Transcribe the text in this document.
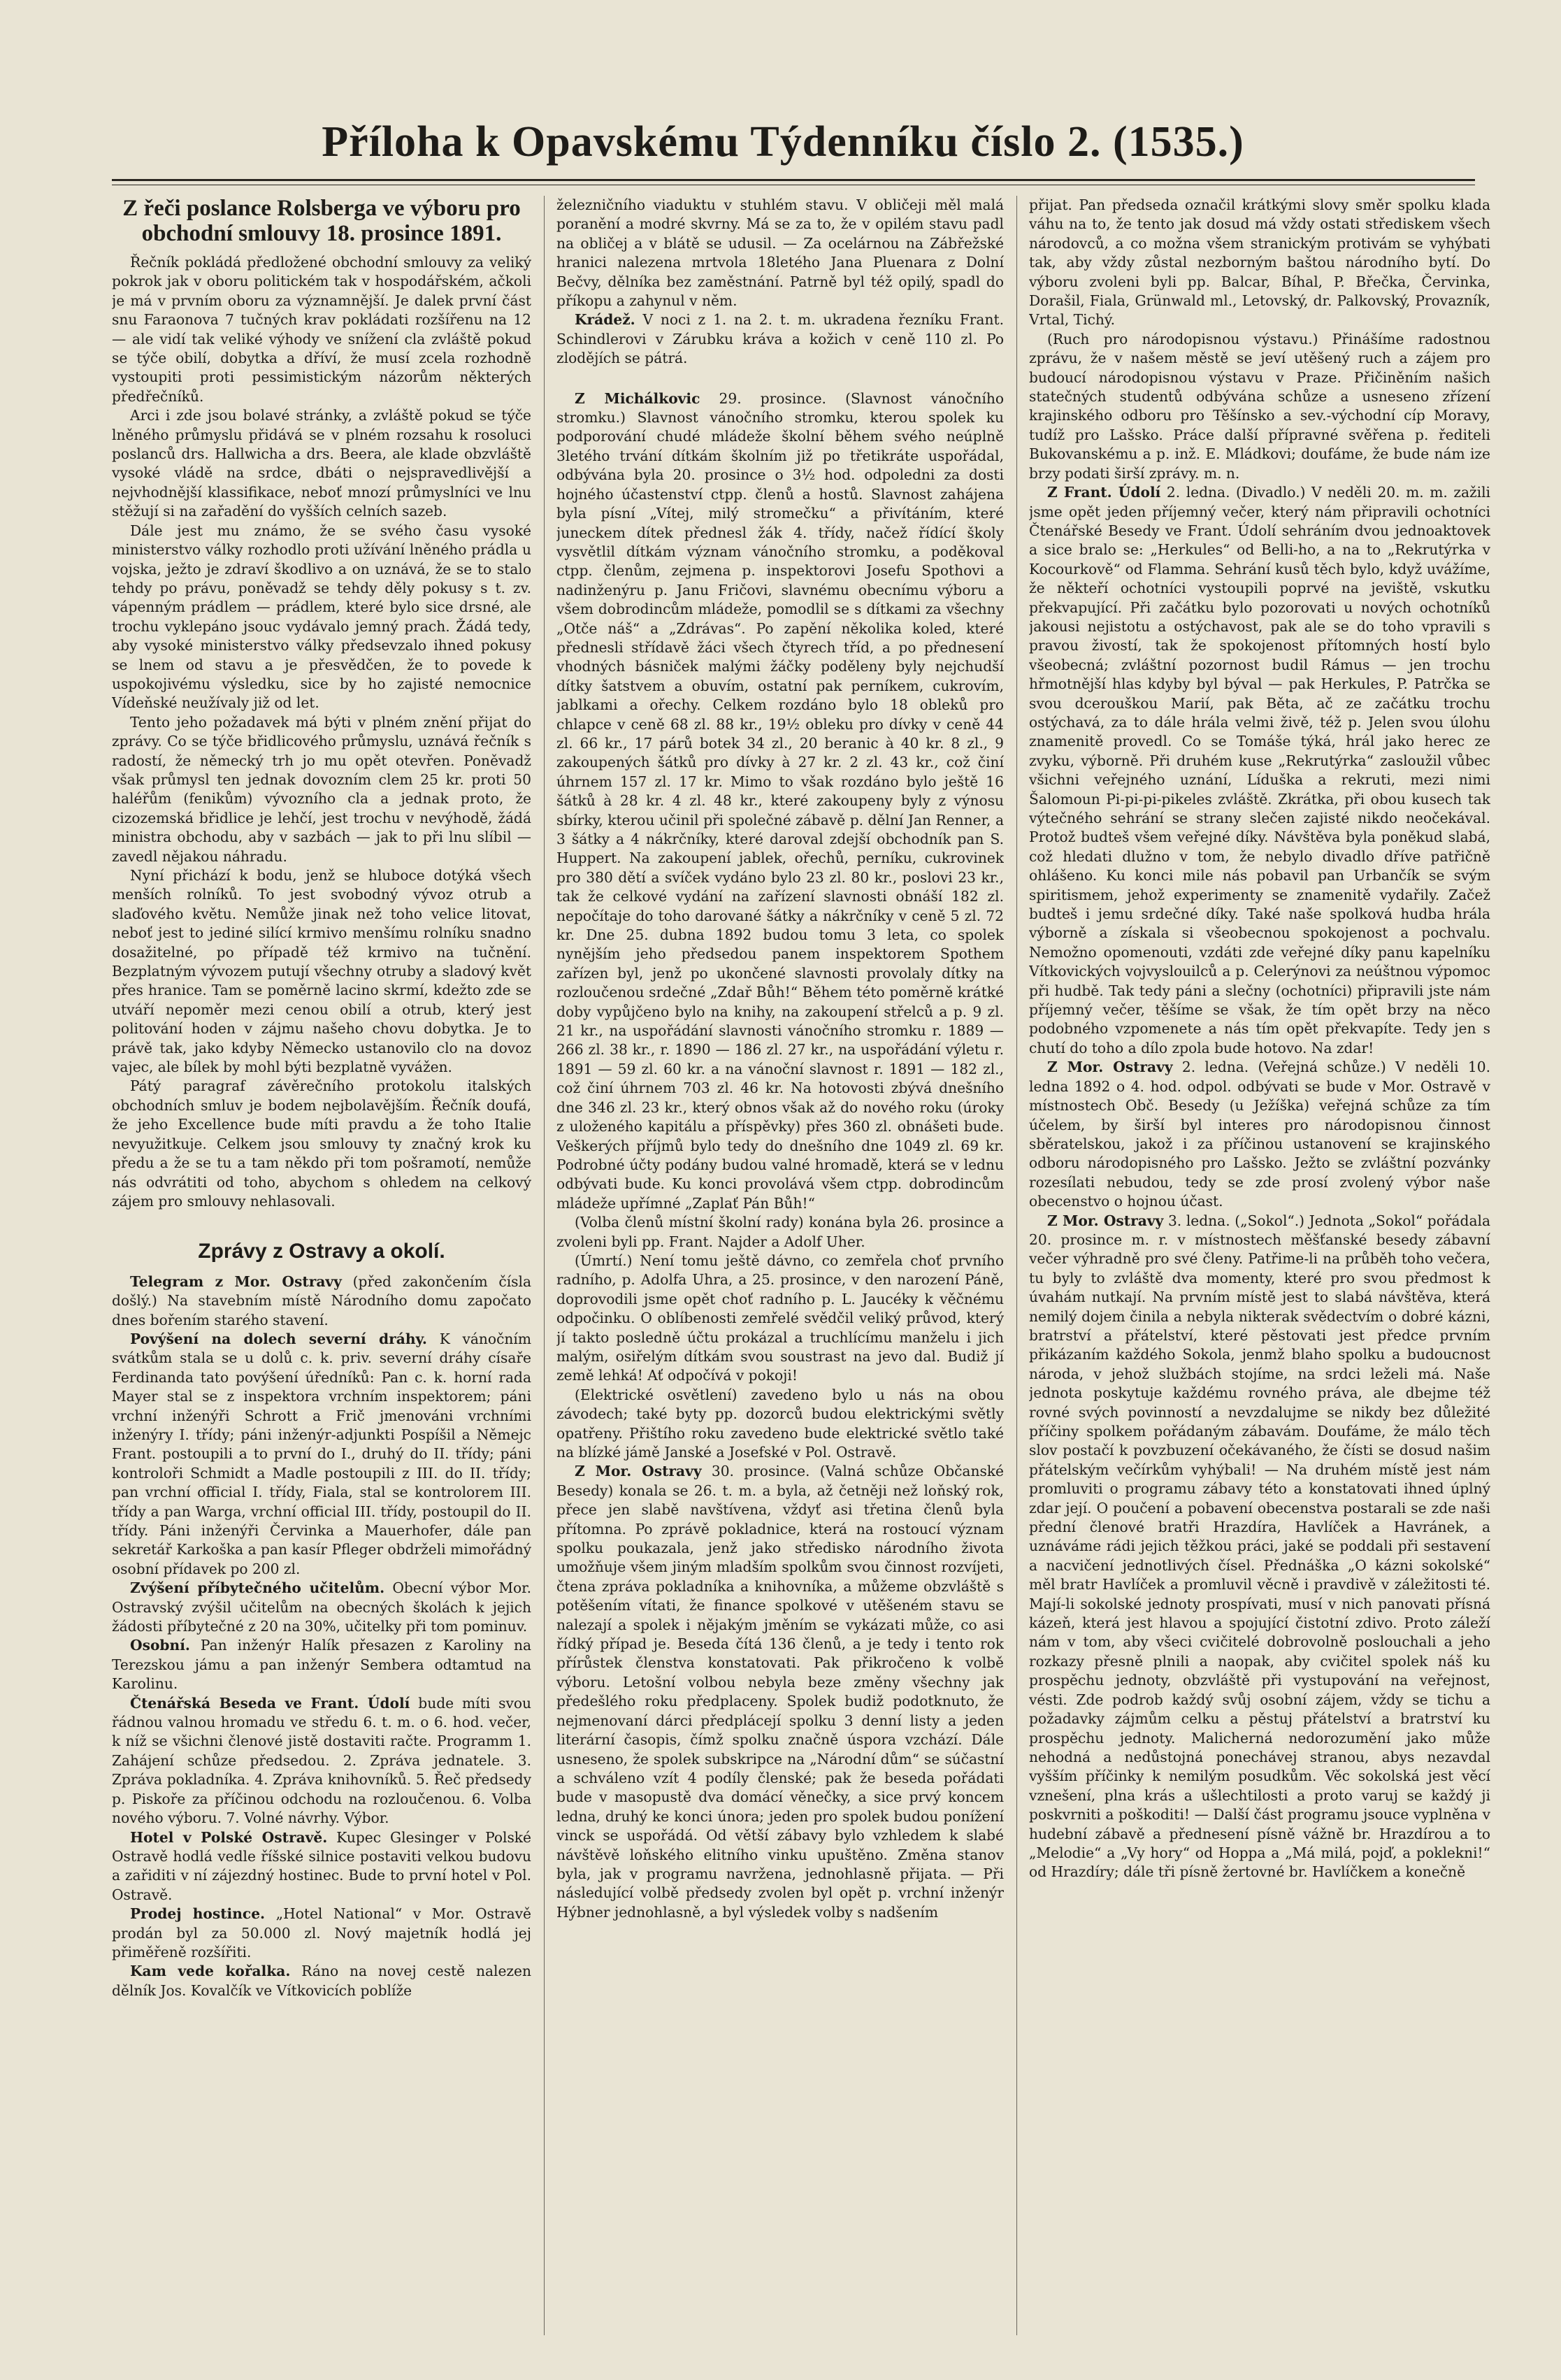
Příloha k Opavskému Týdenníku číslo 2. (1535.)
Z řeči poslance Rolsberga ve výboru pro obchodní smlouvy 18. prosince 1891.

Řečník pokládá předložené obchodní smlouvy za veliký pokrok jak v oboru politickém tak v hospodářském, ačkoli je má v prvním oboru za významnější. Je dalek první část snu Faraonova 7 tučných krav pokládati rozšířenu na 12 — ale vidí tak veliké výhody ve snížení cla zvláště pokud se týče obilí, dobytka a dříví, že musí zcela rozhodně vystoupiti proti pessimistickým názorům některých předřečníků.

Arci i zde jsou bolavé stránky, a zvláště pokud se týče lněného průmyslu přidává se v plném rozsahu k rosoluci poslanců drs. Hallwicha a drs. Beera, ale klade obzvláště vysoké vládě na srdce, dbáti o nejspravedlivější a nejvhodnější klassifikace, neboť mnozí průmyslníci ve lnu stěžují si na zařadění do vyšších celních sazeb.

Dále jest mu známo, že se svého času vysoké ministerstvo války rozhodlo proti užívání lněného prádla u vojska, ježto je zdraví škodlivo a on uznává, že se to stalo tehdy po právu, poněvadž se tehdy děly pokusy s t. zv. vápenným prádlem — prádlem, které bylo sice drsné, ale trochu vyklepáno jsouc vydávalo jemný prach. Žádá tedy, aby vysoké ministerstvo války předsevzalo ihned pokusy se lnem od stavu a je přesvědčen, že to povede k uspokojivému výsledku, sice by ho zajisté nemocnice Vídeňské neužívaly již od let.

Tento jeho požadavek má býti v plném znění přijat do zprávy. Co se týče břidlicového průmyslu, uznává řečník s radostí, že německý trh jo mu opět otevřen. Poněvadž však průmysl ten jednak dovozním clem 25 kr. proti 50 haléřům (fenikům) vývozního cla a jednak proto, že cizozemská břidlice je lehčí, jest trochu v nevýhodě, žádá ministra obchodu, aby v sazbách — jak to při lnu slíbil — zavedl nějakou náhradu.

Nyní přichází k bodu, jenž se hluboce dotýká všech menších rolníků. To jest svobodný vývoz otrub a slaďového květu. Nemůže jinak než toho velice litovat, neboť jest to jediné silící krmivo menšímu rolníku snadno dosažitelné, po případě též krmivo na tučnění. Bezplatným vývozem putují všechny otruby a sladový květ přes hranice. Tam se poměrně lacino skrmí, kdežto zde se utváří nepoměr mezi cenou obilí a otrub, který jest politování hoden v zájmu našeho chovu dobytka. Je to právě tak, jako kdyby Německo ustanovilo clo na dovoz vajec, ale bílek by mohl býti bezplatně vyvážen.

Pátý paragraf závěrečního protokolu italských obchodních smluv je bodem nejbolavějším. Řečník doufá, že jeho Excellence bude míti pravdu a že toho Italie nevyužitkuje. Celkem jsou smlouvy ty značný krok ku předu a že se tu a tam někdo při tom pošramotí, nemůže nás odvrátiti od toho, abychom s ohledem na celkový zájem pro smlouvy nehlasovali.

Zprávy z Ostravy a okolí.

Telegram z Mor. Ostravy (před zakončením čísla došlý.) Na stavebním místě Národního domu započato dnes bořením starého stavení.

Povýšení na dolech severní dráhy. K vánočním svátkům stala se u dolů c. k. priv. severní dráhy císaře Ferdinanda tato povýšení úředníků: Pan c. k. horní rada Mayer stal se z inspektora vrchním inspektorem; páni vrchní inženýři Schrott a Frič jmenováni vrchními inženýry I. třídy; páni inženýr-adjunkti Pospíšil a Němejc Frant. postoupili a to první do I., druhý do II. třídy; páni kontroloři Schmidt a Madle postoupili z III. do II. třídy; pan vrchní official I. třídy, Fiala, stal se kontrolorem III. třídy a pan Warga, vrchní official III. třídy, postoupil do II. třídy. Páni inženýři Červinka a Mauerhofer, dále pan sekretář Karkoška a pan kasír Pfleger obdrželi mimořádný osobní přídavek po 200 zl.

Zvýšení příbytečného učitelům. Obecní výbor Mor. Ostravský zvýšil učitelům na obecných školách k jejich žádosti příbytečné z 20 na 30%, učitelky při tom pominuv.

Osobní. Pan inženýr Halík přesazen z Karoliny na Terezskou jámu a pan inženýr Sembera odtamtud na Karolinu.

Čtenářská Beseda ve Frant. Údolí bude míti svou řádnou valnou hromadu ve středu 6. t. m. o 6. hod. večer, k níž se všichni členové jistě dostaviti račte. Programm 1. Zahájení schůze předsedou. 2. Zpráva jednatele. 3. Zpráva pokladníka. 4. Zpráva knihovníků. 5. Řeč předsedy p. Piskoře za příčinou odchodu na rozloučenou. 6. Volba nového výboru. 7. Volné návrhy. Výbor.

Hotel v Polské Ostravě. Kupec Glesinger v Polské Ostravě hodlá vedle říšské silnice postaviti velkou budovu a zařiditi v ní zájezdný hostinec. Bude to první hotel v Pol. Ostravě.

Prodej hostince. „Hotel National“ v Mor. Ostravě prodán byl za 50.000 zl. Nový majetník hodlá jej přiměřeně rozšířiti.

Kam vede kořalka. Ráno na novej cestě nalezen dělník Jos. Kovalčík ve Vítkovicích poblíže

železničního viaduktu v stuhlém stavu. V obličeji měl malá poranění a modré skvrny. Má se za to, že v opilém stavu padl na obličej a v blátě se udusil. — Za ocelárnou na Zábřežské hranici nalezena mrtvola 18letého Jana Pluenara z Dolní Bečvy, dělníka bez zaměstnání. Patrně byl též opilý, spadl do příkopu a zahynul v něm.

Krádež. V noci z 1. na 2. t. m. ukradena řezníku Frant. Schindlerovi v Zárubku kráva a kožich v ceně 110 zl. Po zlodějích se pátrá.

Z Michálkovic 29. prosince. (Slavnost vánočního stromku.) Slavnost vánočního stromku, kterou spolek ku podporování chudé mládeže školní během svého neúplně 3letého trvání dítkám školním již po třetikráte uspořádal, odbývána byla 20. prosince o 3½ hod. odpoledni za dosti hojného účastenství ctpp. členů a hostů. Slavnost zahájena byla písní „Vítej, milý stromečku“ a přivítáním, které juneckem dítek přednesl žák 4. třídy, načež řídící školy vysvětlil dítkám význam vánočního stromku, a poděkoval ctpp. členům, zejmena p. inspektorovi Josefu Spothovi a nadinženýru p. Janu Fričovi, slavnému obecnímu výboru a všem dobrodincům mládeže, pomodlil se s dítkami za všechny „Otče náš“ a „Zdrávas“. Po zapění několika koled, které přednesli střídavě žáci všech čtyrech tříd, a po přednesení vhodných básniček malými žáčky poděleny byly nejchudší dítky šatstvem a obuvím, ostatní pak perníkem, cukrovím, jablkami a ořechy. Celkem rozdáno bylo 18 obleků pro chlapce v ceně 68 zl. 88 kr., 19½ obleku pro dívky v ceně 44 zl. 66 kr., 17 párů botek 34 zl., 20 beranic à 40 kr. 8 zl., 9 zakoupených šátků pro dívky à 27 kr. 2 zl. 43 kr., což činí úhrnem 157 zl. 17 kr. Mimo to však rozdáno bylo ještě 16 šátků à 28 kr. 4 zl. 48 kr., které zakoupeny byly z výnosu sbírky, kterou učinil při společné zábavě p. dělní Jan Renner, a 3 šátky a 4 nákrčníky, které daroval zdejší obchodník pan S. Huppert. Na zakoupení jablek, ořechů, perníku, cukrovinek pro 380 dětí a svíček vydáno bylo 23 zl. 80 kr., poslovi 23 kr., tak že celkové vydání na zařízení slavnosti obnáší 182 zl. nepočítaje do toho darované šátky a nákrčníky v ceně 5 zl. 72 kr. Dne 25. dubna 1892 budou tomu 3 leta, co spolek nynějším jeho předsedou panem inspektorem Spothem zařízen byl, jenž po ukončené slavnosti provolaly dítky na rozloučenou srdečné „Zdař Bůh!“ Během této poměrně krátké doby vypůjčeno bylo na knihy, na zakoupení střelců a p. 9 zl. 21 kr., na uspořádání slavnosti vánočního stromku r. 1889 — 266 zl. 38 kr., r. 1890 — 186 zl. 27 kr., na uspořádání výletu r. 1891 — 59 zl. 60 kr. a na vánoční slavnost r. 1891 — 182 zl., což činí úhrnem 703 zl. 46 kr. Na hotovosti zbývá dnešního dne 346 zl. 23 kr., který obnos však až do nového roku (úroky z uloženého kapitálu a příspěvky) přes 360 zl. obnášeti bude. Veškerých příjmů bylo tedy do dnešního dne 1049 zl. 69 kr. Podrobné účty podány budou valné hromadě, která se v lednu odbývati bude. Ku konci provolává všem ctpp. dobrodincům mládeže upřímné „Zaplať Pán Bůh!“

(Volba členů místní školní rady) konána byla 26. prosince a zvoleni byli pp. Frant. Najder a Adolf Uher.

(Úmrtí.) Není tomu ještě dávno, co zemřela choť prvního radního, p. Adolfa Uhra, a 25. prosince, v den narození Páně, doprovodili jsme opět choť radního p. L. Jaucéky k věčnému odpočinku. O oblíbenosti zemřelé svědčil veliký průvod, který jí takto posledně účtu prokázal a truchlícímu manželu i jich malým, osiřelým dítkám svou soustrast na jevo dal. Budiž jí země lehká! Ať odpočívá v pokoji!

(Elektrické osvětlení) zavedeno bylo u nás na obou závodech; také byty pp. dozorců budou elektrickými světly opatřeny. Přištího roku zavedeno bude elektrické světlo také na blízké jámě Janské a Josefské v Pol. Ostravě.

Z Mor. Ostravy 30. prosince. (Valná schůze Občanské Besedy) konala se 26. t. m. a byla, až četněji než loňský rok, přece jen slabě navštívena, vždyť asi třetina členů byla přítomna. Po zprávě pokladnice, která na rostoucí význam spolku poukazala, jenž jako středisko národního života umožňuje všem jiným mladším spolkům svou činnost rozvíjeti, čtena zpráva pokladníka a knihovníka, a můžeme obzvláště s potěšením vítati, že finance spolkové v utěšeném stavu se nalezají a spolek i nějakým jměním se vykázati může, co asi řídký případ je. Beseda čítá 136 členů, a je tedy i tento rok přírůstek členstva konstatovati. Pak přikročeno k volbě výboru. Letošní volbou nebyla beze změny všechny jak předešlého roku předplaceny. Spolek budiž podotknuto, že nejmenovaní dárci předplácejí spolku 3 denní listy a jeden literární časopis, čímž spolku značně úspora vzchází. Dále usneseno, že spolek subskripce na „Národní dům“ se súčastní a schváleno vzít 4 podíly členské; pak že beseda pořádati bude v masopustě dva domácí věnečky, a sice prvý koncem ledna, druhý ke konci února; jeden pro spolek budou ponížení vinck se uspořádá. Od větší zábavy bylo vzhledem k slabé návštěvě loňského elitního vinku upuštěno. Změna stanov byla, jak v programu navržena, jednohlasně přijata. — Při následující volbě předsedy zvolen byl opět p. vrchní inženýr Hýbner jednohlasně, a byl výsledek volby s nadšením

přijat. Pan předseda označil krátkými slovy směr spolku klada váhu na to, že tento jak dosud má vždy ostati střediskem všech národovců, a co možna všem stranickým protivám se vyhýbati tak, aby vždy zůstal nezborným baštou národního bytí. Do výboru zvoleni byli pp. Balcar, Bíhal, P. Břečka, Červinka, Dorašil, Fiala, Grünwald ml., Letovský, dr. Palkovský, Provazník, Vrtal, Tichý.

(Ruch pro národopisnou výstavu.) Přinášíme radostnou zprávu, že v našem městě se jeví utěšený ruch a zájem pro budoucí národopisnou výstavu v Praze. Přičiněním našich statečných studentů odbývána schůze a usneseno zřízení krajinského odboru pro Těšínsko a sev.-východní cíp Moravy, tudíž pro Lašsko. Práce další přípravné svěřena p. řediteli Bukovanskému a p. inž. E. Mládkovi; doufáme, že bude nám ize brzy podati širší zprávy. m. n.

Z Frant. Údolí 2. ledna. (Divadlo.) V neděli 20. m. m. zažili jsme opět jeden příjemný večer, který nám připravili ochotníci Čtenářské Besedy ve Frant. Údolí sehráním dvou jednoaktovek a sice bralo se: „Herkules“ od Belli-ho, a na to „Rekrutýrka v Kocourkově“ od Flamma. Sehrání kusů těch bylo, když uvážíme, že někteří ochotníci vystoupili poprvé na jeviště, vskutku překvapující. Při začátku bylo pozorovati u nových ochotníků jakousi nejistotu a ostýchavost, pak ale se do toho vpravili s pravou živostí, tak že spokojenost přítomných hostí bylo všeobecná; zvláštní pozornost budil Rámus — jen trochu hřmotnější hlas kdyby byl býval — pak Herkules, P. Patrčka se svou dcerouškou Marií, pak Běta, ač ze začátku trochu ostýchavá, za to dále hrála velmi živě, též p. Jelen svou úlohu znamenitě provedl. Co se Tomáše týká, hrál jako herec ze zvyku, výborně. Při druhém kuse „Rekrutýrka“ zasloužil vůbec všichni veřejného uznání, Líduška a rekruti, mezi nimi Šalomoun Pi-pi-pi-pikeles zvláště. Zkrátka, při obou kusech tak výtečného sehrání se strany slečen zajisté nikdo neočekával. Protož budteš všem veřejné díky. Návštěva byla poněkud slabá, což hledati dlužno v tom, že nebylo divadlo dříve patřičně ohlášeno. Ku konci mile nás pobavil pan Urbančík se svým spiritismem, jehož experimenty se znamenitě vydařily. Začež budteš i jemu srdečné díky. Také naše spolková hudba hrála výborně a získala si všeobecnou spokojenost a pochvalu. Nemožno opomenouti, vzdáti zde veřejné díky panu kapelníku Vítkovických vojvyslouilců a p. Celerýnovi za neúštnou výpomoc při hudbě. Tak tedy páni a slečny (ochotníci) připravili jste nám příjemný večer, těšíme se však, že tím opět brzy na něco podobného vzpomenete a nás tím opět překvapíte. Tedy jen s chutí do toho a dílo zpola bude hotovo. Na zdar!

Z Mor. Ostravy 2. ledna. (Veřejná schůze.) V neděli 10. ledna 1892 o 4. hod. odpol. odbývati se bude v Mor. Ostravě v místnostech Obč. Besedy (u Ježíška) veřejná schůze za tím účelem, by širší byl interes pro národopisnou činnost sběratelskou, jakož i za příčinou ustanovení se krajinského odboru národopisného pro Lašsko. Ježto se zvláštní pozvánky rozesílati nebudou, tedy se zde prosí zvolený výbor naše obecenstvo o hojnou účast.

Z Mor. Ostravy 3. ledna. („Sokol“.) Jednota „Sokol“ pořádala 20. prosince m. r. v místnostech měšťanské besedy zábavní večer výhradně pro své členy. Patřime-li na průběh toho večera, tu byly to zvláště dva momenty, které pro svou předmost k úvahám nutkají. Na prvním místě jest to slabá návštěva, která nemilý dojem činila a nebyla nikterak svědectvím o dobré kázni, bratrství a přátelství, které pěstovati jest předce prvním přikázaním každého Sokola, jenmž blaho spolku a budoucnost národa, v jehož službách stojíme, na srdci leželi má. Naše jednota poskytuje každému rovného práva, ale dbejme též rovné svých povinností a nevzdalujme se nikdy bez důležité příčiny spolkem pořádaným zábavám. Doufáme, že málo těch slov postačí k povzbuzení očekávaného, že čísti se dosud našim přátelským večírkům vyhýbali! — Na druhém místě jest nám promluviti o programu zábavy této a konstatovati ihned úplný zdar její. O poučení a pobavení obecenstva postarali se zde naši přední členové bratři Hrazdíra, Havlíček a Havránek, a uznáváme rádi jejich těžkou práci, jaké se poddali při sestavení a nacvičení jednotlivých čísel. Přednáška „O kázni sokolské“ měl bratr Havlíček a promluvil věcně i pravdivě v záležitosti té. Mají-li sokolské jednoty prospívati, musí v nich panovati přísná kázeň, která jest hlavou a spojující čistotní zdivo. Proto záleží nám v tom, aby všeci cvičitelé dobrovolně poslouchali a jeho rozkazy přesně plnili a naopak, aby cvičitel spolek náš ku prospěchu jednoty, obzvláště při vystupování na veřejnost, vésti. Zde podrob každý svůj osobní zájem, vždy se tichu a požadavky zájmům celku a pěstuj přátelství a bratrství ku prospěchu jednoty. Malicherná nedorozumění jako může nehodná a nedůstojná ponechávej stranou, abys nezavdal vyšším příčinky k nemilým posudkům. Věc sokolská jest věcí vznešení, plna krás a ušlechtilosti a proto varuj se každý ji poskvrniti a poškoditi! — Další část programu jsouce vyplněna v hudební zábavě a přednesení písně vážně br. Hrazdírou a to „Melodie“ a „Vy hory“ od Hoppa a „Má milá, pojď, a poklekni!“ od Hrazdíry; dále tři písně žertovné br. Havlíčkem a konečně
